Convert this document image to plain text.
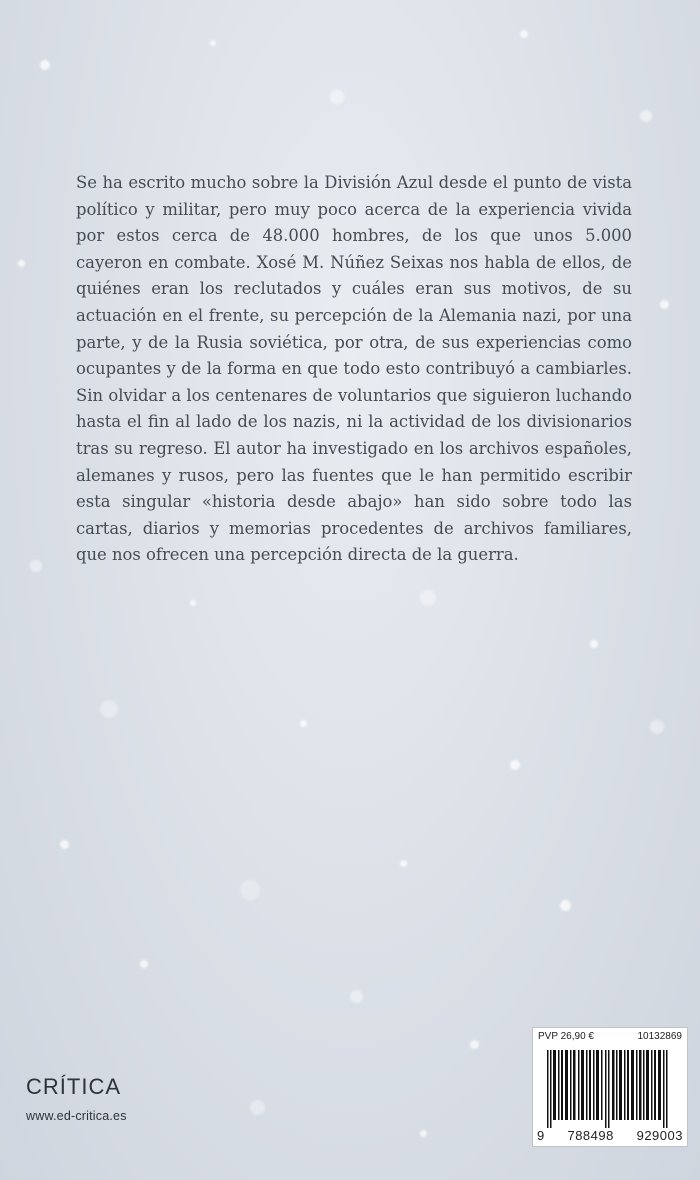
Se ha escrito mucho sobre la División Azul desde el punto de vista político y militar, pero muy poco acerca de la experiencia vivida por estos cerca de 48.000 hombres, de los que unos 5.000 cayeron en combate. Xosé M. Núñez Seixas nos habla de ellos, de quiénes eran los reclutados y cuáles eran sus motivos, de su actuación en el frente, su percepción de la Alemania nazi, por una parte, y de la Rusia soviética, por otra, de sus experiencias como ocupantes y de la forma en que todo esto contribuyó a cambiarles. Sin olvidar a los centenares de voluntarios que siguieron luchando hasta el fin al lado de los nazis, ni la actividad de los divisionarios tras su regreso. El autor ha investigado en los archivos españoles, alemanes y rusos, pero las fuentes que le han permitido escribir esta singular «historia desde abajo» han sido sobre todo las cartas, diarios y memorias procedentes de archivos familiares, que nos ofrecen una percepción directa de la guerra.

CRÍTICA
www.ed-critica.es
PVP 26,90 €	10132869
9 788498 929003
